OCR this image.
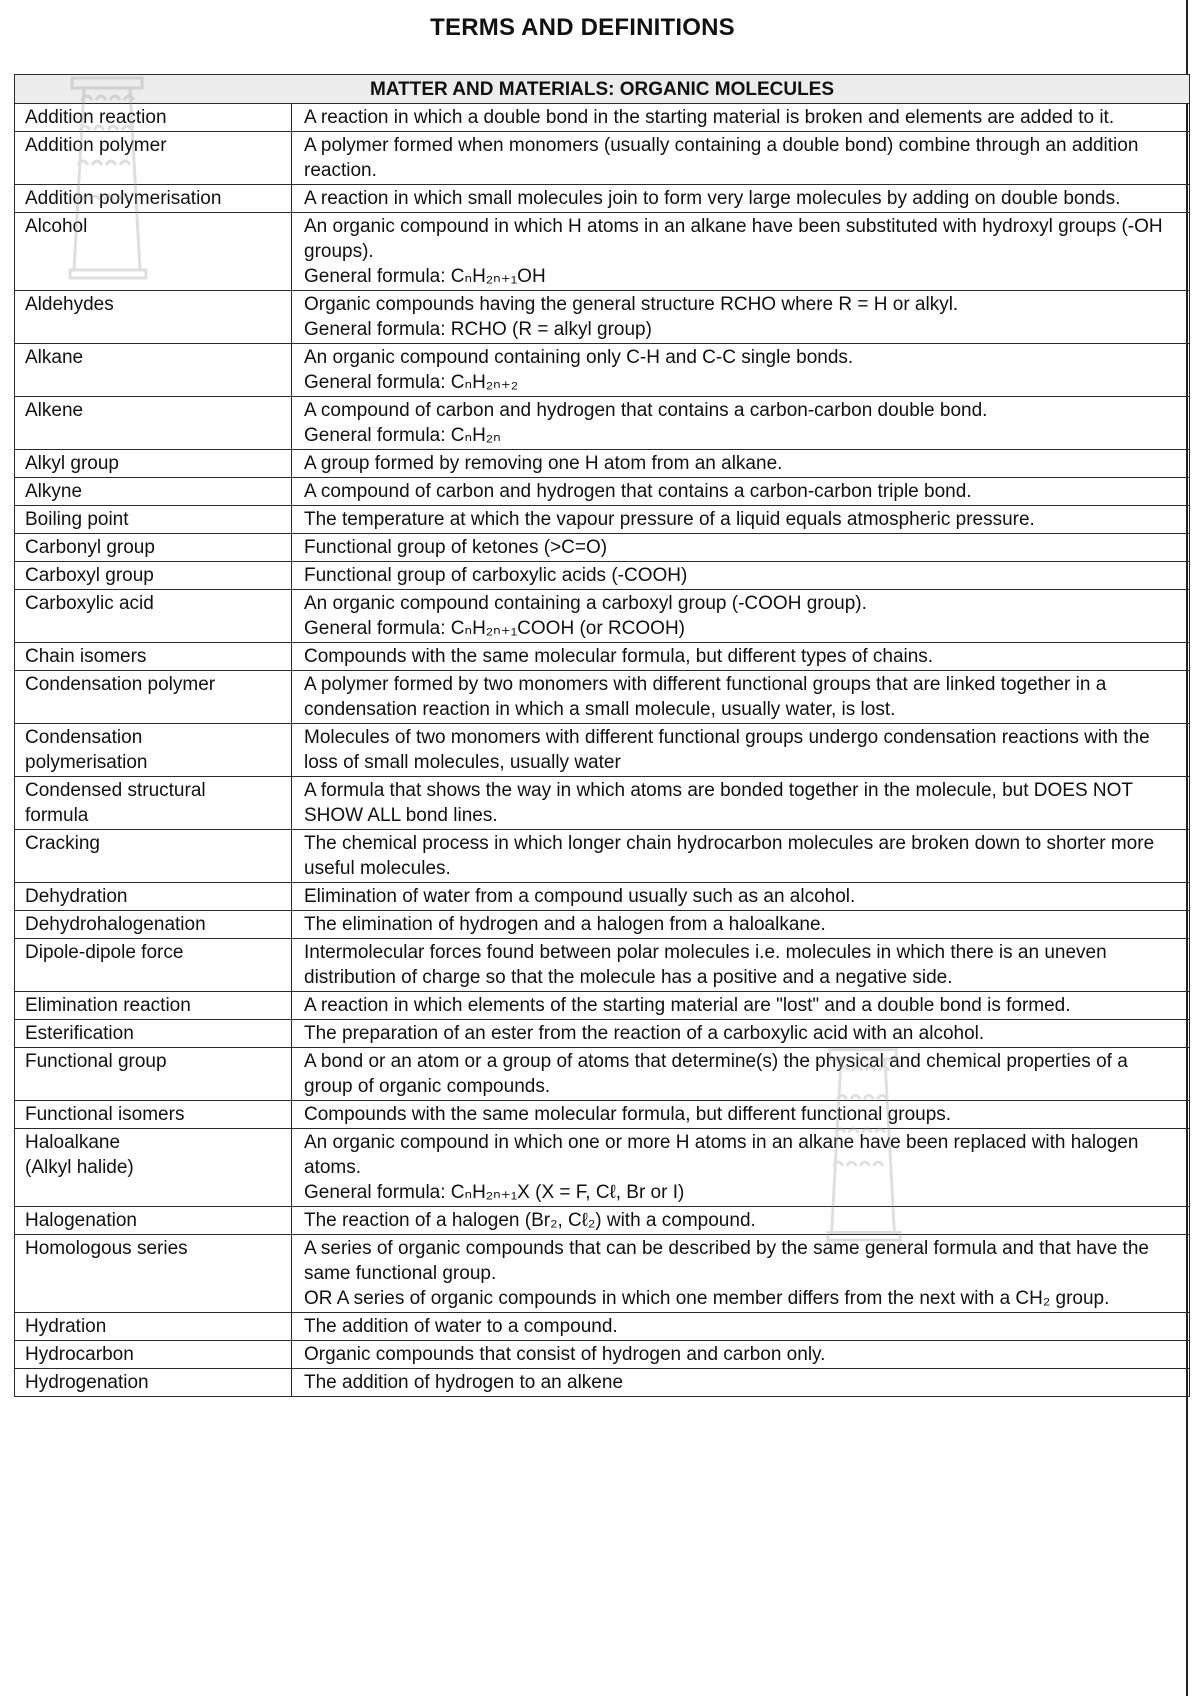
TERMS AND DEFINITIONS
MATTER AND MATERIALS: ORGANIC MOLECULES	

Addition reaction	A reaction in which a double bond in the starting material is broken and elements are added to it.

Addition polymer	A polymer formed when monomers (usually containing a double bond) combine through an addition reaction.

Addition polymerisation	A reaction in which small molecules join to form very large molecules by adding on double bonds.

Alcohol	An organic compound in which H atoms in an alkane have been substituted with hydroxyl groups (-OH groups).
General formula: CₙH₂ₙ₊₁OH

Aldehydes	Organic compounds having the general structure RCHO where R = H or alkyl.
General formula: RCHO (R = alkyl group)

Alkane	An organic compound containing only C-H and C-C single bonds.
General formula: CₙH₂ₙ₊₂

Alkene	A compound of carbon and hydrogen that contains a carbon-carbon double bond.
General formula: CₙH₂ₙ

Alkyl group	A group formed by removing one H atom from an alkane.

Alkyne	A compound of carbon and hydrogen that contains a carbon-carbon triple bond.

Boiling point	The temperature at which the vapour pressure of a liquid equals atmospheric pressure.

Carbonyl group	Functional group of ketones (>C=O)

Carboxyl group	Functional group of carboxylic acids (-COOH)

Carboxylic acid	An organic compound containing a carboxyl group (-COOH group).
General formula: CₙH₂ₙ₊₁COOH (or RCOOH)

Chain isomers	Compounds with the same molecular formula, but different types of chains.

Condensation polymer	A polymer formed by two monomers with different functional groups that are linked together in a condensation reaction in which a small molecule, usually water, is lost.

Condensation
polymerisation	Molecules of two monomers with different functional groups undergo condensation reactions with the loss of small molecules, usually water

Condensed structural
formula	A formula that shows the way in which atoms are bonded together in the molecule, but DOES NOT SHOW ALL bond lines.

Cracking	The chemical process in which longer chain hydrocarbon molecules are broken down to shorter more useful molecules.

Dehydration	Elimination of water from a compound usually such as an alcohol.

Dehydrohalogenation	The elimination of hydrogen and a halogen from a haloalkane.

Dipole-dipole force	Intermolecular forces found between polar molecules i.e. molecules in which there is an uneven distribution of charge so that the molecule has a positive and a negative side.

Elimination reaction	A reaction in which elements of the starting material are "lost" and a double bond is formed.

Esterification	The preparation of an ester from the reaction of a carboxylic acid with an alcohol.

Functional group	A bond or an atom or a group of atoms that determine(s) the physical and chemical properties of a group of organic compounds.

Functional isomers	Compounds with the same molecular formula, but different functional groups.

Haloalkane
(Alkyl halide)	An organic compound in which one or more H atoms in an alkane have been replaced with halogen atoms.
General formula: CₙH₂ₙ₊₁X (X = F, Cℓ, Br or I)

Halogenation	The reaction of a halogen (Br₂, Cℓ₂) with a compound.

Homologous series	A series of organic compounds that can be described by the same general formula and that have the same functional group.
OR A series of organic compounds in which one member differs from the next with a CH₂ group.

Hydration	The addition of water to a compound.

Hydrocarbon	Organic compounds that consist of hydrogen and carbon only.

Hydrogenation	The addition of hydrogen to an alkene
